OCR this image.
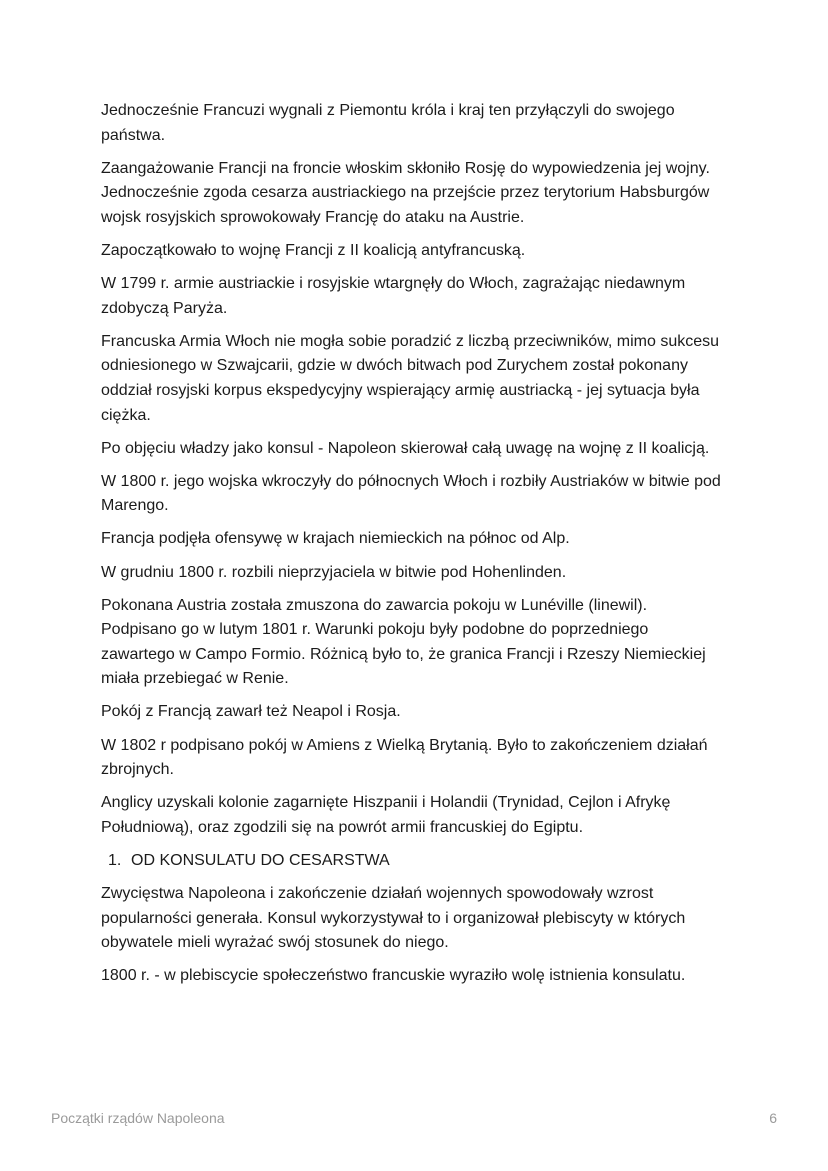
Jednocześnie Francuzi wygnali z Piemontu króla i kraj ten przyłączyli do swojego państwa.

Zaangażowanie Francji na froncie włoskim skłoniło Rosję do wypowiedzenia jej wojny. Jednocześnie zgoda cesarza austriackiego na przejście przez terytorium Habsburgów wojsk rosyjskich sprowokowały Francję do ataku na Austrie.

Zapoczątkowało to wojnę Francji z II koalicją antyfrancuską.

W 1799 r. armie austriackie i rosyjskie wtargnęły do Włoch, zagrażając niedawnym zdobyczą Paryża.

Francuska Armia Włoch nie mogła sobie poradzić z liczbą przeciwników, mimo sukcesu odniesionego w Szwajcarii, gdzie w dwóch bitwach pod Zurychem został pokonany oddział rosyjski korpus ekspedycyjny wspierający armię austriacką - jej sytuacja była ciężka.

Po objęciu władzy jako konsul - Napoleon skierował całą uwagę na wojnę z II koalicją.

W 1800 r. jego wojska wkroczyły do północnych Włoch i rozbiły Austriaków w bitwie pod Marengo.

Francja podjęła ofensywę w krajach niemieckich na północ od Alp.

W grudniu 1800 r. rozbili nieprzyjaciela w bitwie pod Hohenlinden.

Pokonana Austria została zmuszona do zawarcia pokoju w Lunéville (linewil). Podpisano go w lutym 1801 r. Warunki pokoju były podobne do poprzedniego zawartego w Campo Formio. Różnicą było to, że granica Francji i Rzeszy Niemieckiej miała przebiegać w Renie.

Pokój z Francją zawarł też Neapol i Rosja.

W 1802 r podpisano pokój w Amiens z Wielką Brytanią. Było to zakończeniem działań zbrojnych.

Anglicy uzyskali kolonie zagarnięte Hiszpanii i Holandii (Trynidad, Cejlon i Afrykę Południową), oraz zgodzili się na powrót armii francuskiej do Egiptu.

1. OD KONSULATU DO CESARSTWA

Zwycięstwa Napoleona i zakończenie działań wojennych spowodowały wzrost popularności generała. Konsul wykorzystywał to i organizował plebiscyty w których obywatele mieli wyrażać swój stosunek do niego.

1800 r. - w plebiscycie społeczeństwo francuskie wyraziło wolę istnienia konsulatu.

Początki rządów Napoleona	6
